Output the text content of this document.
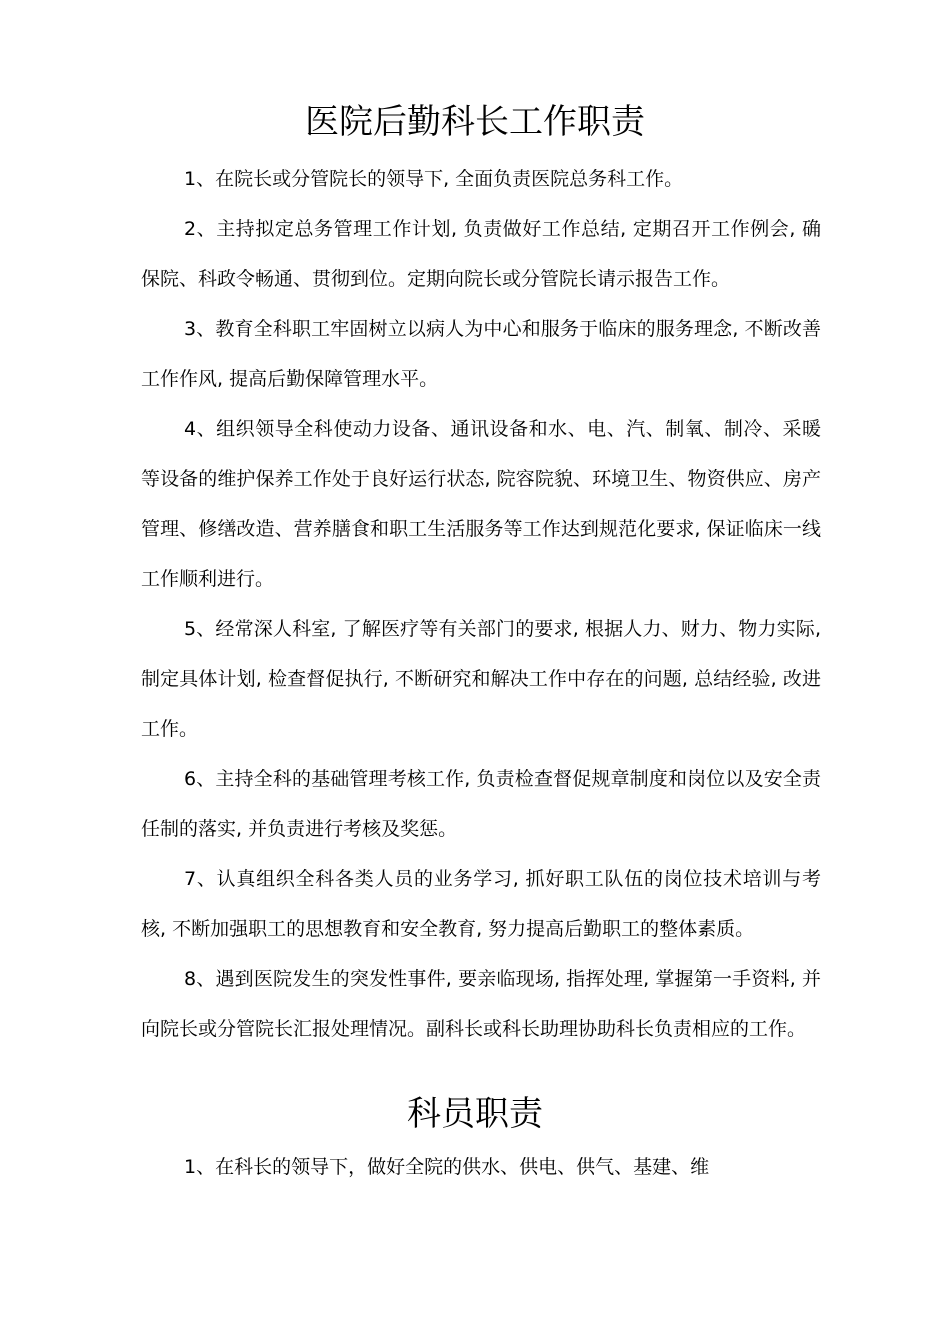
医院后勤科长工作职责

1、在院长或分管院长的领导下, 全面负责医院总务科工作。

2、主持拟定总务管理工作计划, 负责做好工作总结, 定期召开工作例会, 确保院、科政令畅通、贯彻到位。定期向院长或分管院长请示报告工作。

3、教育全科职工牢固树立以病人为中心和服务于临床的服务理念, 不断改善工作作风, 提高后勤保障管理水平。

4、组织领导全科使动力设备、通讯设备和水、电、汽、制氧、制冷、采暖等设备的维护保养工作处于良好运行状态, 院容院貌、环境卫生、物资供应、房产管理、修缮改造、营养膳食和职工生活服务等工作达到规范化要求, 保证临床一线工作顺利进行。

5、经常深人科室, 了解医疗等有关部门的要求, 根据人力、财力、物力实际, 制定具体计划, 检查督促执行, 不断研究和解决工作中存在的问题, 总结经验, 改进工作。

6、主持全科的基础管理考核工作, 负责检查督促规章制度和岗位以及安全责任制的落实, 并负责进行考核及奖惩。

7、认真组织全科各类人员的业务学习, 抓好职工队伍的岗位技术培训与考核, 不断加强职工的思想教育和安全教育, 努力提高后勤职工的整体素质。

8、遇到医院发生的突发性事件, 要亲临现场, 指挥处理, 掌握第一手资料, 并向院长或分管院长汇报处理情况。副科长或科长助理协助科长负责相应的工作。

科员职责

1、在科长的领导下，做好全院的供水、供电、供气、基建、维
